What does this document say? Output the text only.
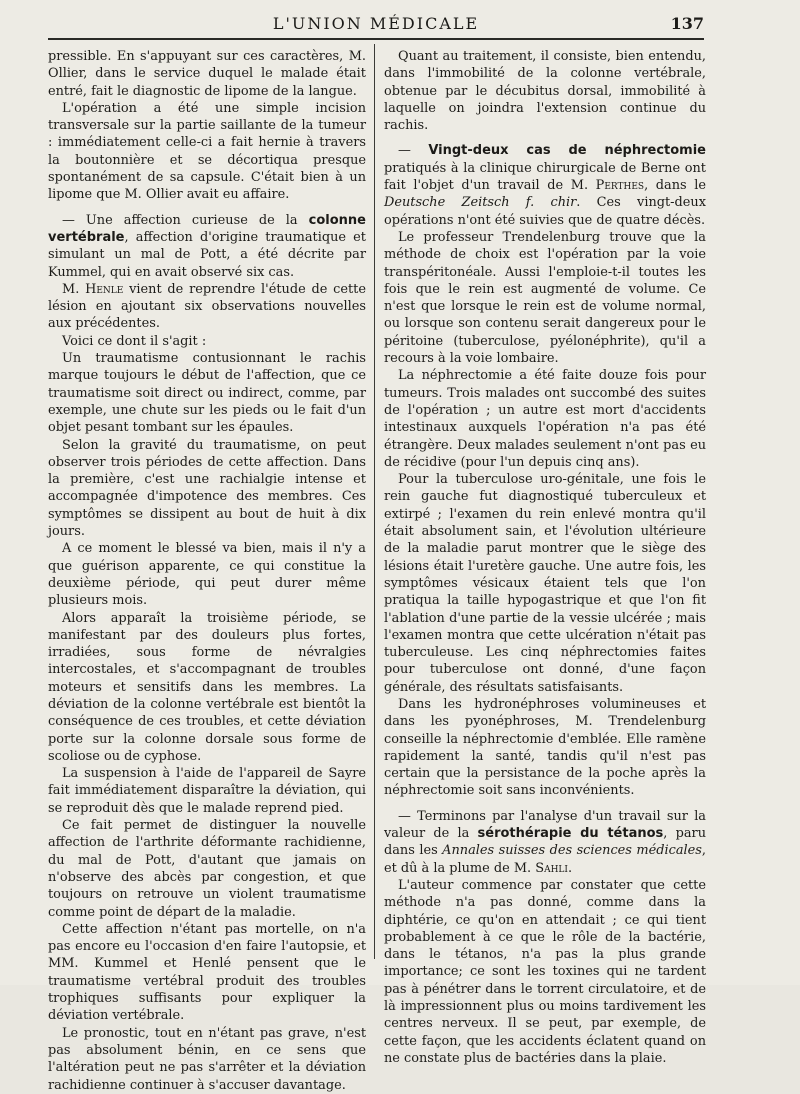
L'UNION MÉDICALE	137

pressible. En s'appuyant sur ces caractères, M. Ollier, dans le service duquel le malade était entré, fait le diagnostic de lipome de la langue.

L'opération a été une simple incision transversale sur la partie saillante de la tumeur : immédiatement celle-ci a fait hernie à travers la boutonnière et se décortiqua presque spontanément de sa capsule. C'était bien à un lipome que M. Ollier avait eu affaire.

— Une affection curieuse de la colonne vertébrale, affection d'origine traumatique et simulant un mal de Pott, a été décrite par Kummel, qui en avait observé six cas.

M. Henle vient de reprendre l'étude de cette lésion en ajoutant six observations nouvelles aux précédentes.

Voici ce dont il s'agit :

Un traumatisme contusionnant le rachis marque toujours le début de l'affection, que ce traumatisme soit direct ou indirect, comme, par exemple, une chute sur les pieds ou le fait d'un objet pesant tombant sur les épaules.

Selon la gravité du traumatisme, on peut observer trois périodes de cette affection. Dans la première, c'est une rachialgie intense et accompagnée d'impotence des membres. Ces symptômes se dissipent au bout de huit à dix jours.

A ce moment le blessé va bien, mais il n'y a que guérison apparente, ce qui constitue la deuxième période, qui peut durer même plusieurs mois.

Alors apparaît la troisième période, se manifestant par des douleurs plus fortes, irradiées, sous forme de névralgies intercostales, et s'accompagnant de troubles moteurs et sensitifs dans les membres. La déviation de la colonne vertébrale est bientôt la conséquence de ces troubles, et cette déviation porte sur la colonne dorsale sous forme de scoliose ou de cyphose.

La suspension à l'aide de l'appareil de Sayre fait immédiatement disparaître la déviation, qui se reproduit dès que le malade reprend pied.

Ce fait permet de distinguer la nouvelle affection de l'arthrite déformante rachidienne, du mal de Pott, d'autant que jamais on n'observe des abcès par congestion, et que toujours on retrouve un violent traumatisme comme point de départ de la maladie.

Cette affection n'étant pas mortelle, on n'a pas encore eu l'occasion d'en faire l'autopsie, et MM. Kummel et Henlé pensent que le traumatisme vertébral produit des troubles trophiques suffisants pour expliquer la déviation vertébrale.

Le pronostic, tout en n'étant pas grave, n'est pas absolument bénin, en ce sens que l'altération peut ne pas s'arrêter et la déviation rachidienne continuer à s'accuser davantage.

Quant au traitement, il consiste, bien entendu, dans l'immobilité de la colonne vertébrale, obtenue par le décubitus dorsal, immobilité à laquelle on joindra l'extension continue du rachis.

— Vingt-deux cas de néphrectomie pratiqués à la clinique chirurgicale de Berne ont fait l'objet d'un travail de M. Perthes, dans le Deutsche Zeitsch f. chir. Ces vingt-deux opérations n'ont été suivies que de quatre décès.

Le professeur Trendelenburg trouve que la méthode de choix est l'opération par la voie transpéritonéale. Aussi l'emploie-t-il toutes les fois que le rein est augmenté de volume. Ce n'est que lorsque le rein est de volume normal, ou lorsque son contenu serait dangereux pour le péritoine (tuberculose, pyélonéphrite), qu'il a recours à la voie lombaire.

La néphrectomie a été faite douze fois pour tumeurs. Trois malades ont succombé des suites de l'opération ; un autre est mort d'accidents intestinaux auxquels l'opération n'a pas été étrangère. Deux malades seulement n'ont pas eu de récidive (pour l'un depuis cinq ans).

Pour la tuberculose uro-génitale, une fois le rein gauche fut diagnostiqué tuberculeux et extirpé ; l'examen du rein enlevé montra qu'il était absolument sain, et l'évolution ultérieure de la maladie parut montrer que le siège des lésions était l'uretère gauche. Une autre fois, les symptômes vésicaux étaient tels que l'on pratiqua la taille hypogastrique et que l'on fit l'ablation d'une partie de la vessie ulcérée ; mais l'examen montra que cette ulcération n'était pas tuberculeuse. Les cinq néphrectomies faites pour tuberculose ont donné, d'une façon générale, des résultats satisfaisants.

Dans les hydronéphroses volumineuses et dans les pyonéphroses, M. Trendelenburg conseille la néphrectomie d'emblée. Elle ramène rapidement la santé, tandis qu'il n'est pas certain que la persistance de la poche après la néphrectomie soit sans inconvénients.

— Terminons par l'analyse d'un travail sur la valeur de la sérothérapie du tétanos, paru dans les Annales suisses des sciences médicales, et dû à la plume de M. Sahli.

L'auteur commence par constater que cette méthode n'a pas donné, comme dans la diphtérie, ce qu'on en attendait ; ce qui tient probablement à ce que le rôle de la bactérie, dans le tétanos, n'a pas la plus grande importance; ce sont les toxines qui ne tardent pas à pénétrer dans le torrent circulatoire, et de là impressionnent plus ou moins tardivement les centres nerveux. Il se peut, par exemple, de cette façon, que les accidents éclatent quand on ne constate plus de bactéries dans la plaie.
